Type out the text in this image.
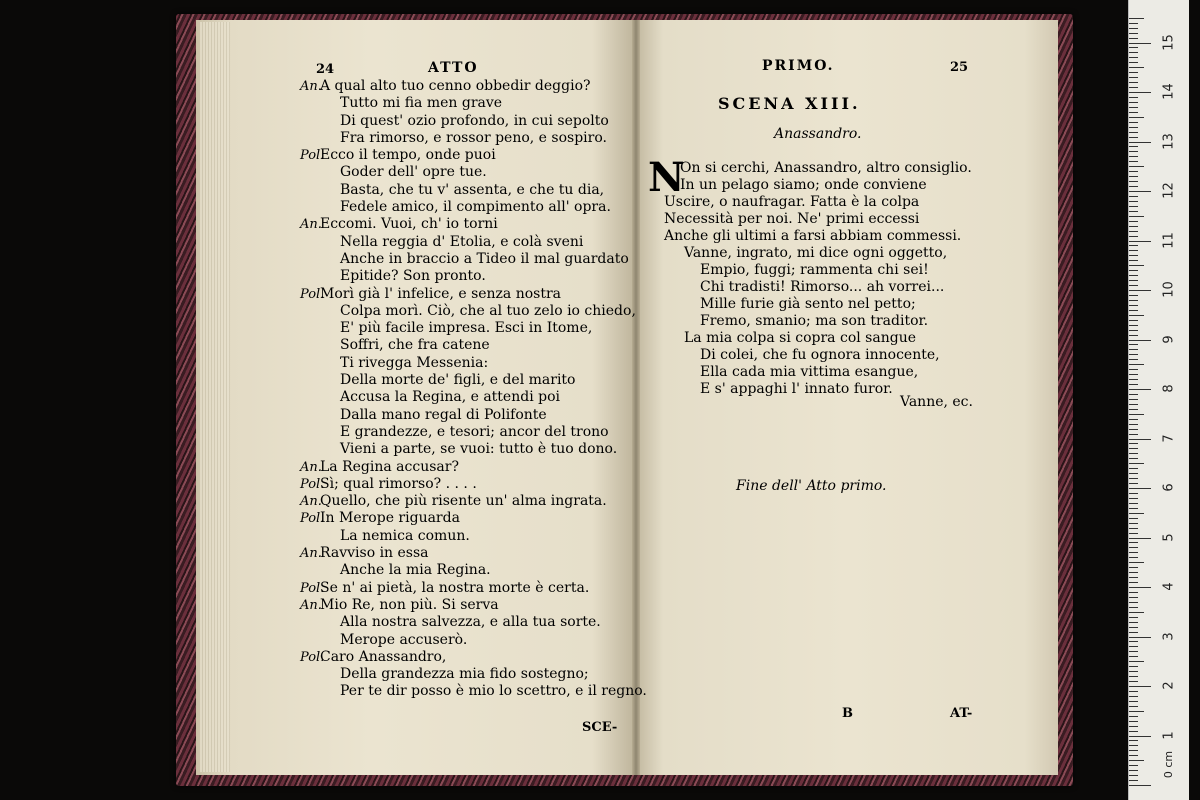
24	ATTO
An.A qual alto tuo cenno obbedir deggio?
Tutto mi fia men grave
Di quest' ozio profondo, in cui sepolto
Fra rimorso, e rossor peno, e sospiro.
Pol.Ecco il tempo, onde puoi
Goder dell' opre tue.
Basta, che tu v' assenta, e che tu dia,
Fedele amico, il compimento all' opra.
An.Eccomi. Vuoi, ch' io torni
Nella reggia d' Etolia, e colà sveni
Anche in braccio a Tideo il mal guardato
Epitide? Son pronto.
Pol.Morì già l' infelice, e senza nostra
Colpa morì. Ciò, che al tuo zelo io chiedo,
E' più facile impresa. Esci in Itome,
Soffri, che fra catene
Ti rivegga Messenia:
Della morte de' figli, e del marito
Accusa la Regina, e attendi poi
Dalla mano regal di Polifonte
E grandezze, e tesori; ancor del trono
Vieni a parte, se vuoi: tutto è tuo dono.
An.La Regina accusar?
Pol.Sì; qual rimorso? . . . .
An.Quello, che più risente un' alma ingrata.
Pol.In Merope riguarda
La nemica comun.
An.Ravviso in essa
Anche la mia Regina.
Pol.Se n' ai pietà, la nostra morte è certa.
An.Mio Re, non più. Si serva
Alla nostra salvezza, e alla tua sorte.
Merope accuserò.
Pol.Caro Anassandro,
Della grandezza mia fido sostegno;
Per te dir posso è mio lo scettro, e il regno.
SCE-
PRIMO.	25
SCENA XIII.
Anassandro.
N
On si cerchi, Anassandro, altro consiglio.
In un pelago siamo; onde conviene
Uscire, o naufragar. Fatta è la colpa
Necessità per noi. Ne' primi eccessi
Anche gli ultimi a farsi abbiam commessi.
Vanne, ingrato, mi dice ogni oggetto,
Empio, fuggi; rammenta chi sei!
Chi tradisti! Rimorso... ah vorrei...
Mille furie già sento nel petto;
Fremo, smanio; ma son traditor.
La mia colpa si copra col sangue
Di colei, che fu ognora innocente,
Ella cada mia vittima esangue,
E s' appaghi l' innato furor.
Vanne, ec.
Fine dell' Atto primo.
B	AT-
0 cm
1
2
3
4
5
6
7
8
9
10
11
12
13
14
15
